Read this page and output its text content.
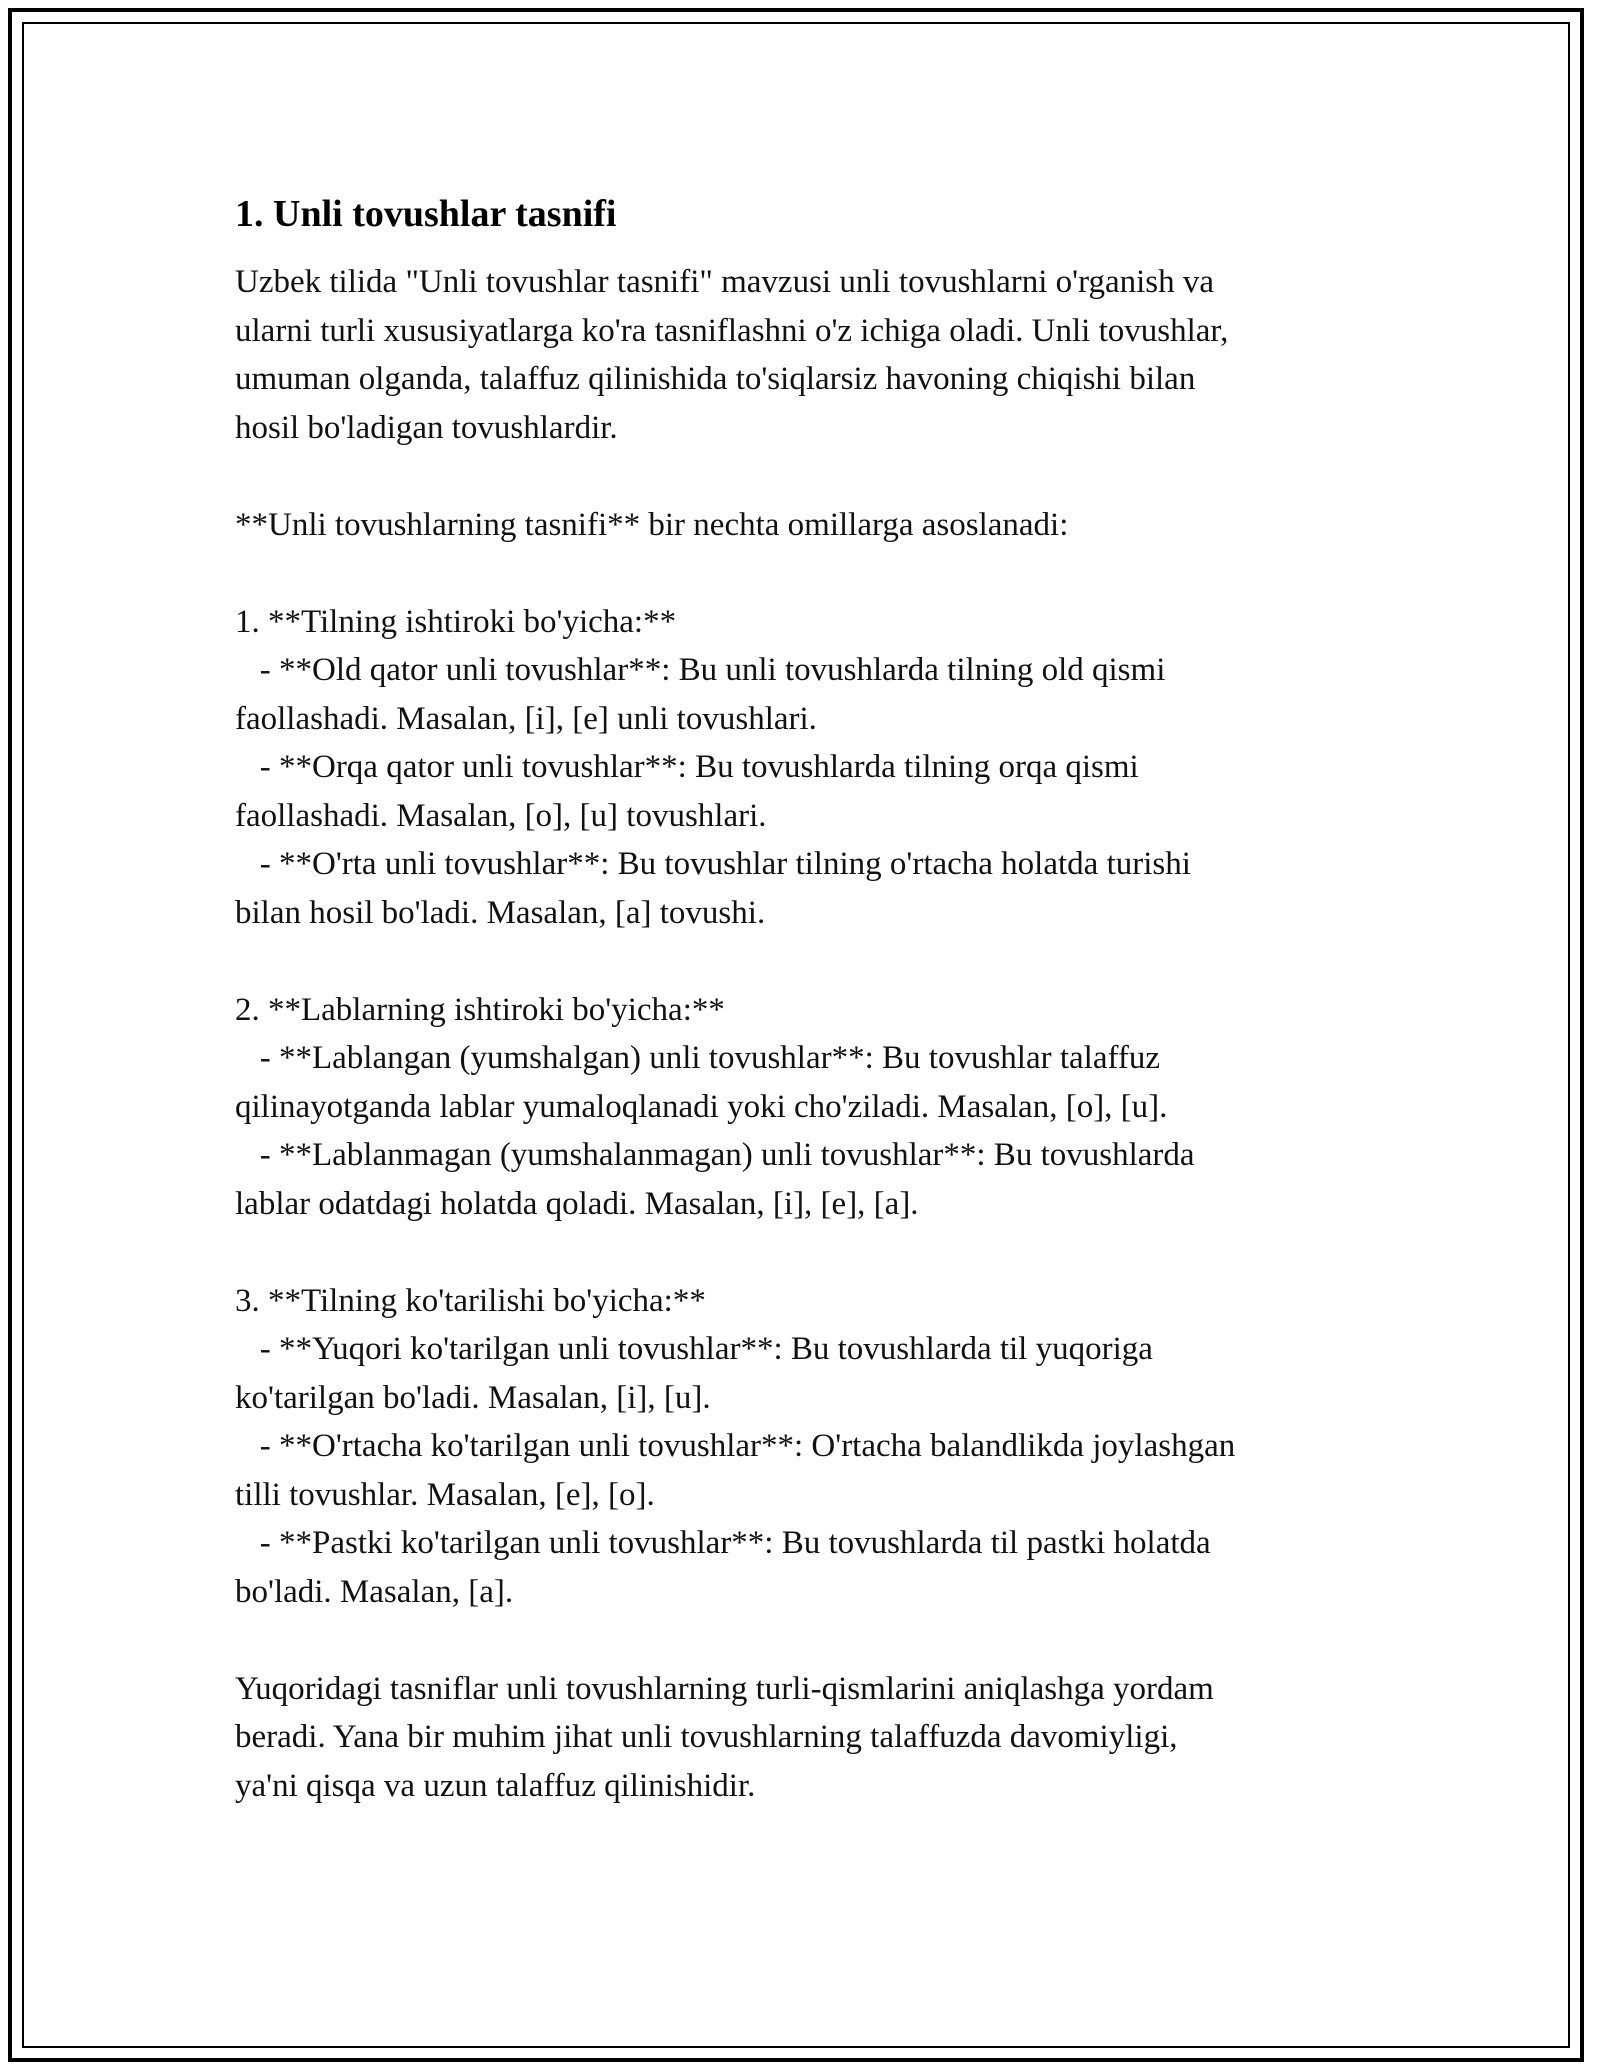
1. Unli tovushlar tasnifi
Uzbek tilida "Unli tovushlar tasnifi" mavzusi unli tovushlarni o'rganish va
ularni turli xususiyatlarga ko'ra tasniflashni o'z ichiga oladi. Unli tovushlar,
umuman olganda, talaffuz qilinishida to'siqlarsiz havoning chiqishi bilan
hosil bo'ladigan tovushlardir.
**Unli tovushlarning tasnifi** bir nechta omillarga asoslanadi:
1. **Tilning ishtiroki bo'yicha:**
- **Old qator unli tovushlar**: Bu unli tovushlarda tilning old qismi
faollashadi. Masalan, [i], [e] unli tovushlari.
- **Orqa qator unli tovushlar**: Bu tovushlarda tilning orqa qismi
faollashadi. Masalan, [o], [u] tovushlari.
- **O'rta unli tovushlar**: Bu tovushlar tilning o'rtacha holatda turishi
bilan hosil bo'ladi. Masalan, [a] tovushi.
2. **Lablarning ishtiroki bo'yicha:**
- **Lablangan (yumshalgan) unli tovushlar**: Bu tovushlar talaffuz
qilinayotganda lablar yumaloqlanadi yoki cho'ziladi. Masalan, [o], [u].
- **Lablanmagan (yumshalanmagan) unli tovushlar**: Bu tovushlarda
lablar odatdagi holatda qoladi. Masalan, [i], [e], [a].
3. **Tilning ko'tarilishi bo'yicha:**
- **Yuqori ko'tarilgan unli tovushlar**: Bu tovushlarda til yuqoriga
ko'tarilgan bo'ladi. Masalan, [i], [u].
- **O'rtacha ko'tarilgan unli tovushlar**: O'rtacha balandlikda joylashgan
tilli tovushlar. Masalan, [e], [o].
- **Pastki ko'tarilgan unli tovushlar**: Bu tovushlarda til pastki holatda
bo'ladi. Masalan, [a].
Yuqoridagi tasniflar unli tovushlarning turli-qismlarini aniqlashga yordam
beradi. Yana bir muhim jihat unli tovushlarning talaffuzda davomiyligi,
ya'ni qisqa va uzun talaffuz qilinishidir.
